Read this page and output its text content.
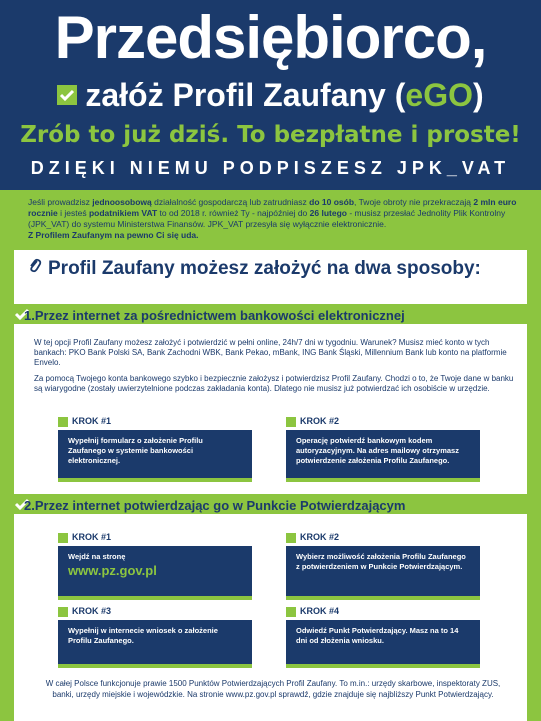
Przedsiębiorco,
załóż Profil Zaufany (eGO)
Zrób to już dziś. To bezpłatne i proste!
DZIĘKI NIEMU PODPISZESZ JPK_VAT
Jeśli prowadzisz jednoosobową działalność gospodarczą lub zatrudniasz do 10 osób, Twoje obroty nie przekraczają 2 mln euro rocznie i jesteś podatnikiem VAT to od 2018 r. również Ty - najpóźniej do 26 lutego - musisz przesłać Jednolity Plik Kontrolny (JPK_VAT) do systemu Ministerstwa Finansów. JPK_VAT przesyła się wyłącznie elektronicznie.
Z Profilem Zaufanym na pewno Ci się uda.
Profil Zaufany możesz założyć na dwa sposoby:
1.Przez internet za pośrednictwem bankowości elektronicznej
W tej opcji Profil Zaufany możesz założyć i potwierdzić w pełni online, 24h/7 dni w tygodniu. Warunek? Musisz mieć konto w tych bankach: PKO Bank Polski SA, Bank Zachodni WBK, Bank Pekao, mBank, ING Bank Śląski, Millennium Bank lub konto na platformie Envelo.
Za pomocą Twojego konta bankowego szybko i bezpiecznie założysz i potwierdzisz Profil Zaufany. Chodzi o to, że Twoje dane w banku są wiarygodne (zostały uwierzytelnione podczas zakładania konta). Dlatego nie musisz już potwierdzać ich osobiście w urzędzie.
KROK #1
Wypełnij formularz o założenie Profilu Zaufanego w systemie bankowości elektronicznej.
KROK #2
Operację potwierdź bankowym kodem autoryzacyjnym. Na adres mailowy otrzymasz potwierdzenie założenia Profilu Zaufanego.
2.Przez internet potwierdzając go w Punkcie Potwierdzającym
KROK #1
Wejdź na stronę
www.pz.gov.pl
KROK #2
Wybierz możliwość założenia Profilu Zaufanego z potwierdzeniem w Punkcie Potwierdzającym.
KROK #3
Wypełnij w internecie wniosek o założenie Profilu Zaufanego.
KROK #4
Odwiedź Punkt Potwierdzający. Masz na to 14 dni od złożenia wniosku.
W całej Polsce funkcjonuje prawie 1500 Punktów Potwierdzających Profil Zaufany. To m.in.: urzędy skarbowe, inspektoraty ZUS, banki, urzędy miejskie i wojewódzkie. Na stronie www.pz.gov.pl sprawdź, gdzie znajduje się najbliższy Punkt Potwierdzający.
